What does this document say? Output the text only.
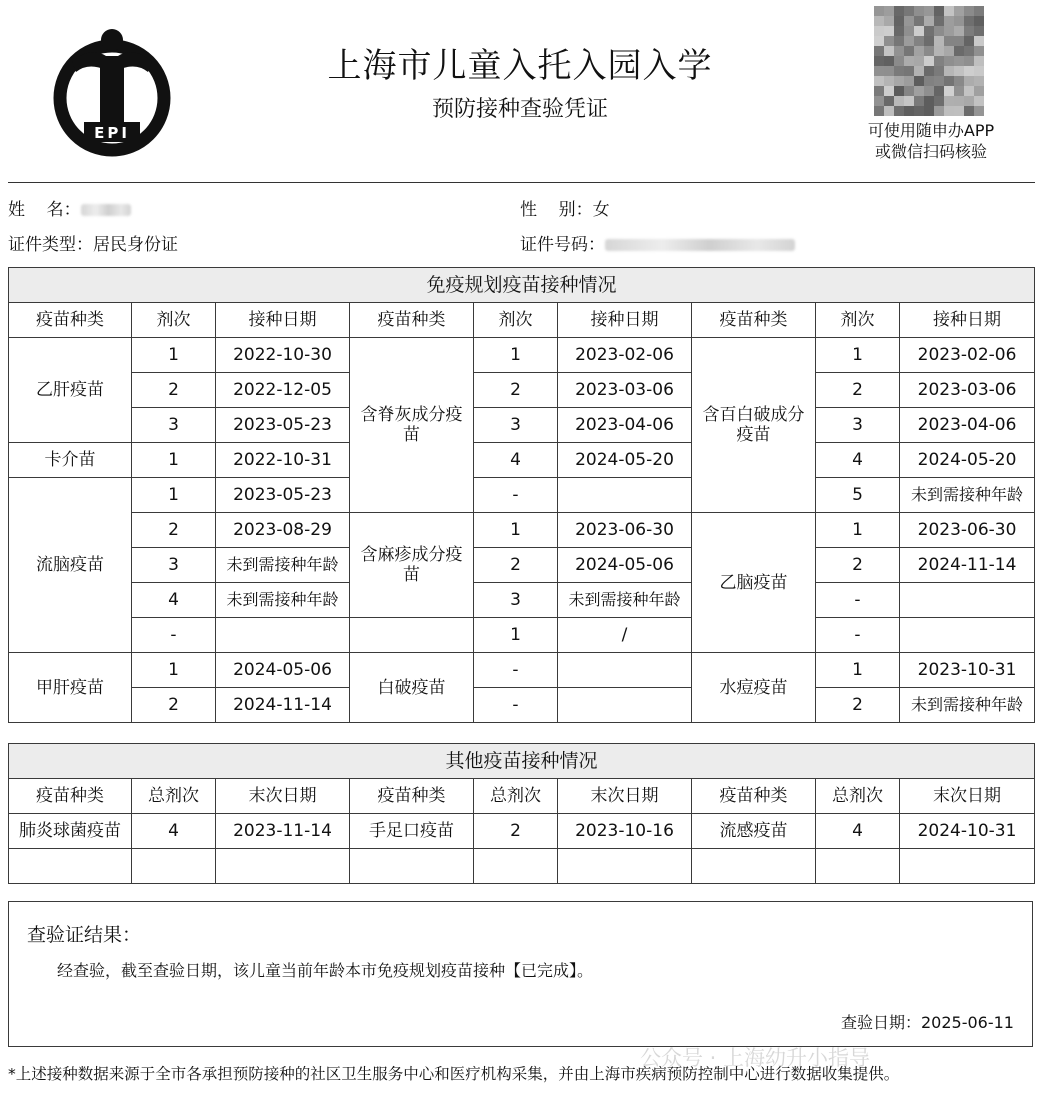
EPI
上海市儿童入托入园入学
预防接种查验凭证
可使用随申办APP
或微信扫码核验
姓    名：	性    别：女
证件类型：居民身份证	证件号码：
免疫规划疫苗接种情况								
疫苗种类	剂次	接种日期	疫苗种类	剂次	接种日期	疫苗种类	剂次	接种日期
乙肝疫苗	1	2022-10-30	含脊灰成分疫苗	1	2023-02-06	含百白破成分疫苗	1	2023-02-06
	2	2022-12-05		2	2023-03-06		2	2023-03-06
	3	2023-05-23		3	2023-04-06		3	2023-04-06
卡介苗	1	2022-10-31		4	2024-05-20		4	2024-05-20
流脑疫苗	1	2023-05-23		-			5	未到需接种年龄
	2	2023-08-29	含麻疹成分疫苗	1	2023-06-30	乙脑疫苗	1	2023-06-30
	3	未到需接种年龄		2	2024-05-06		2	2024-11-14
	4	未到需接种年龄		3	未到需接种年龄		-	
	-			1	/		-	
甲肝疫苗	1	2024-05-06	白破疫苗	-		水痘疫苗	1	2023-10-31
	2	2024-11-14		-			2	未到需接种年龄
其他疫苗接种情况								
疫苗种类	总剂次	末次日期	疫苗种类	总剂次	末次日期	疫苗种类	总剂次	末次日期
肺炎球菌疫苗	4	2023-11-14	手足口疫苗	2	2023-10-16	流感疫苗	4	2024-10-31

查验证结果：
经查验，截至查验日期，该儿童当前年龄本市免疫规划疫苗接种【已完成】。
查验日期：2025-06-11
*上述接种数据来源于全市各承担预防接种的社区卫生服务中心和医疗机构采集，并由上海市疾病预防控制中心进行数据收集提供。
公众号 · 上海幼升小指导
